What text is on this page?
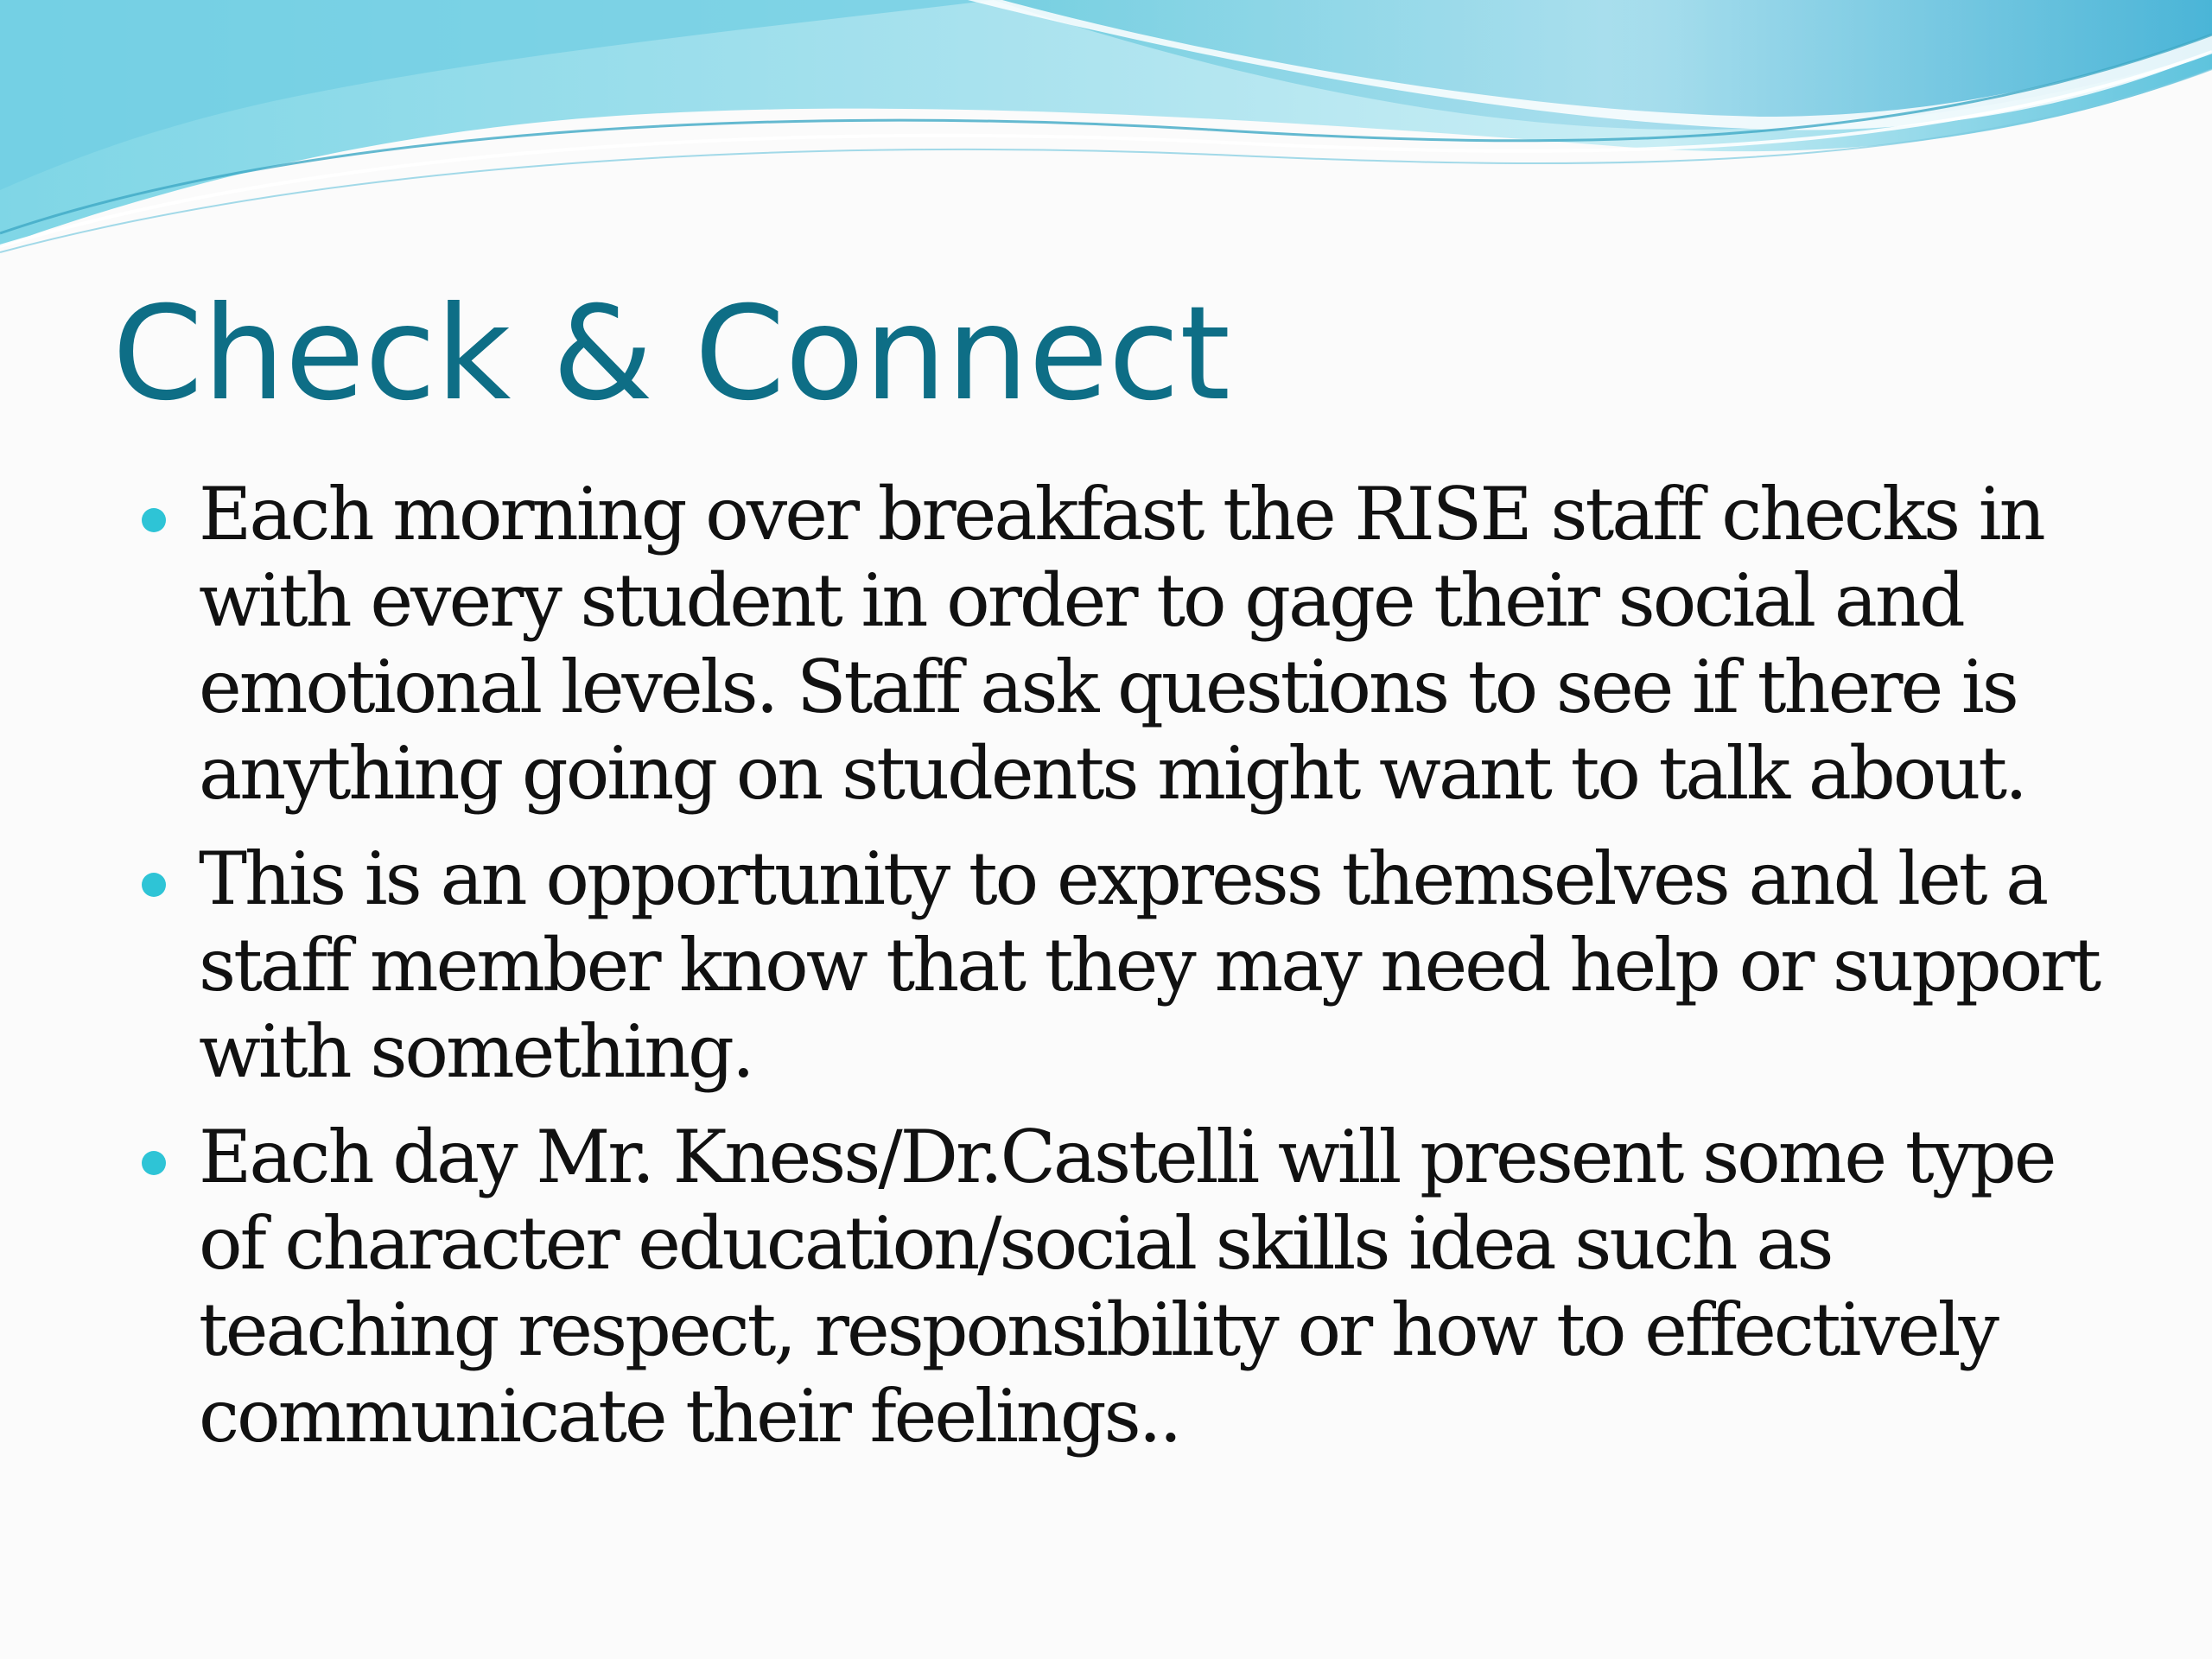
Check & Connect
Each morning over breakfast the RISE staff checks in with every student in order to gage their social and emotional levels. Staff ask questions to see if there is anything going on students might want to talk about.
This is an opportunity to express themselves and let a staff member know that they may need help or support with something.
Each day Mr. Kness/Dr.Castelli will present some type of character education/social skills idea such as teaching respect, responsibility or how to effectively communicate their feelings..
